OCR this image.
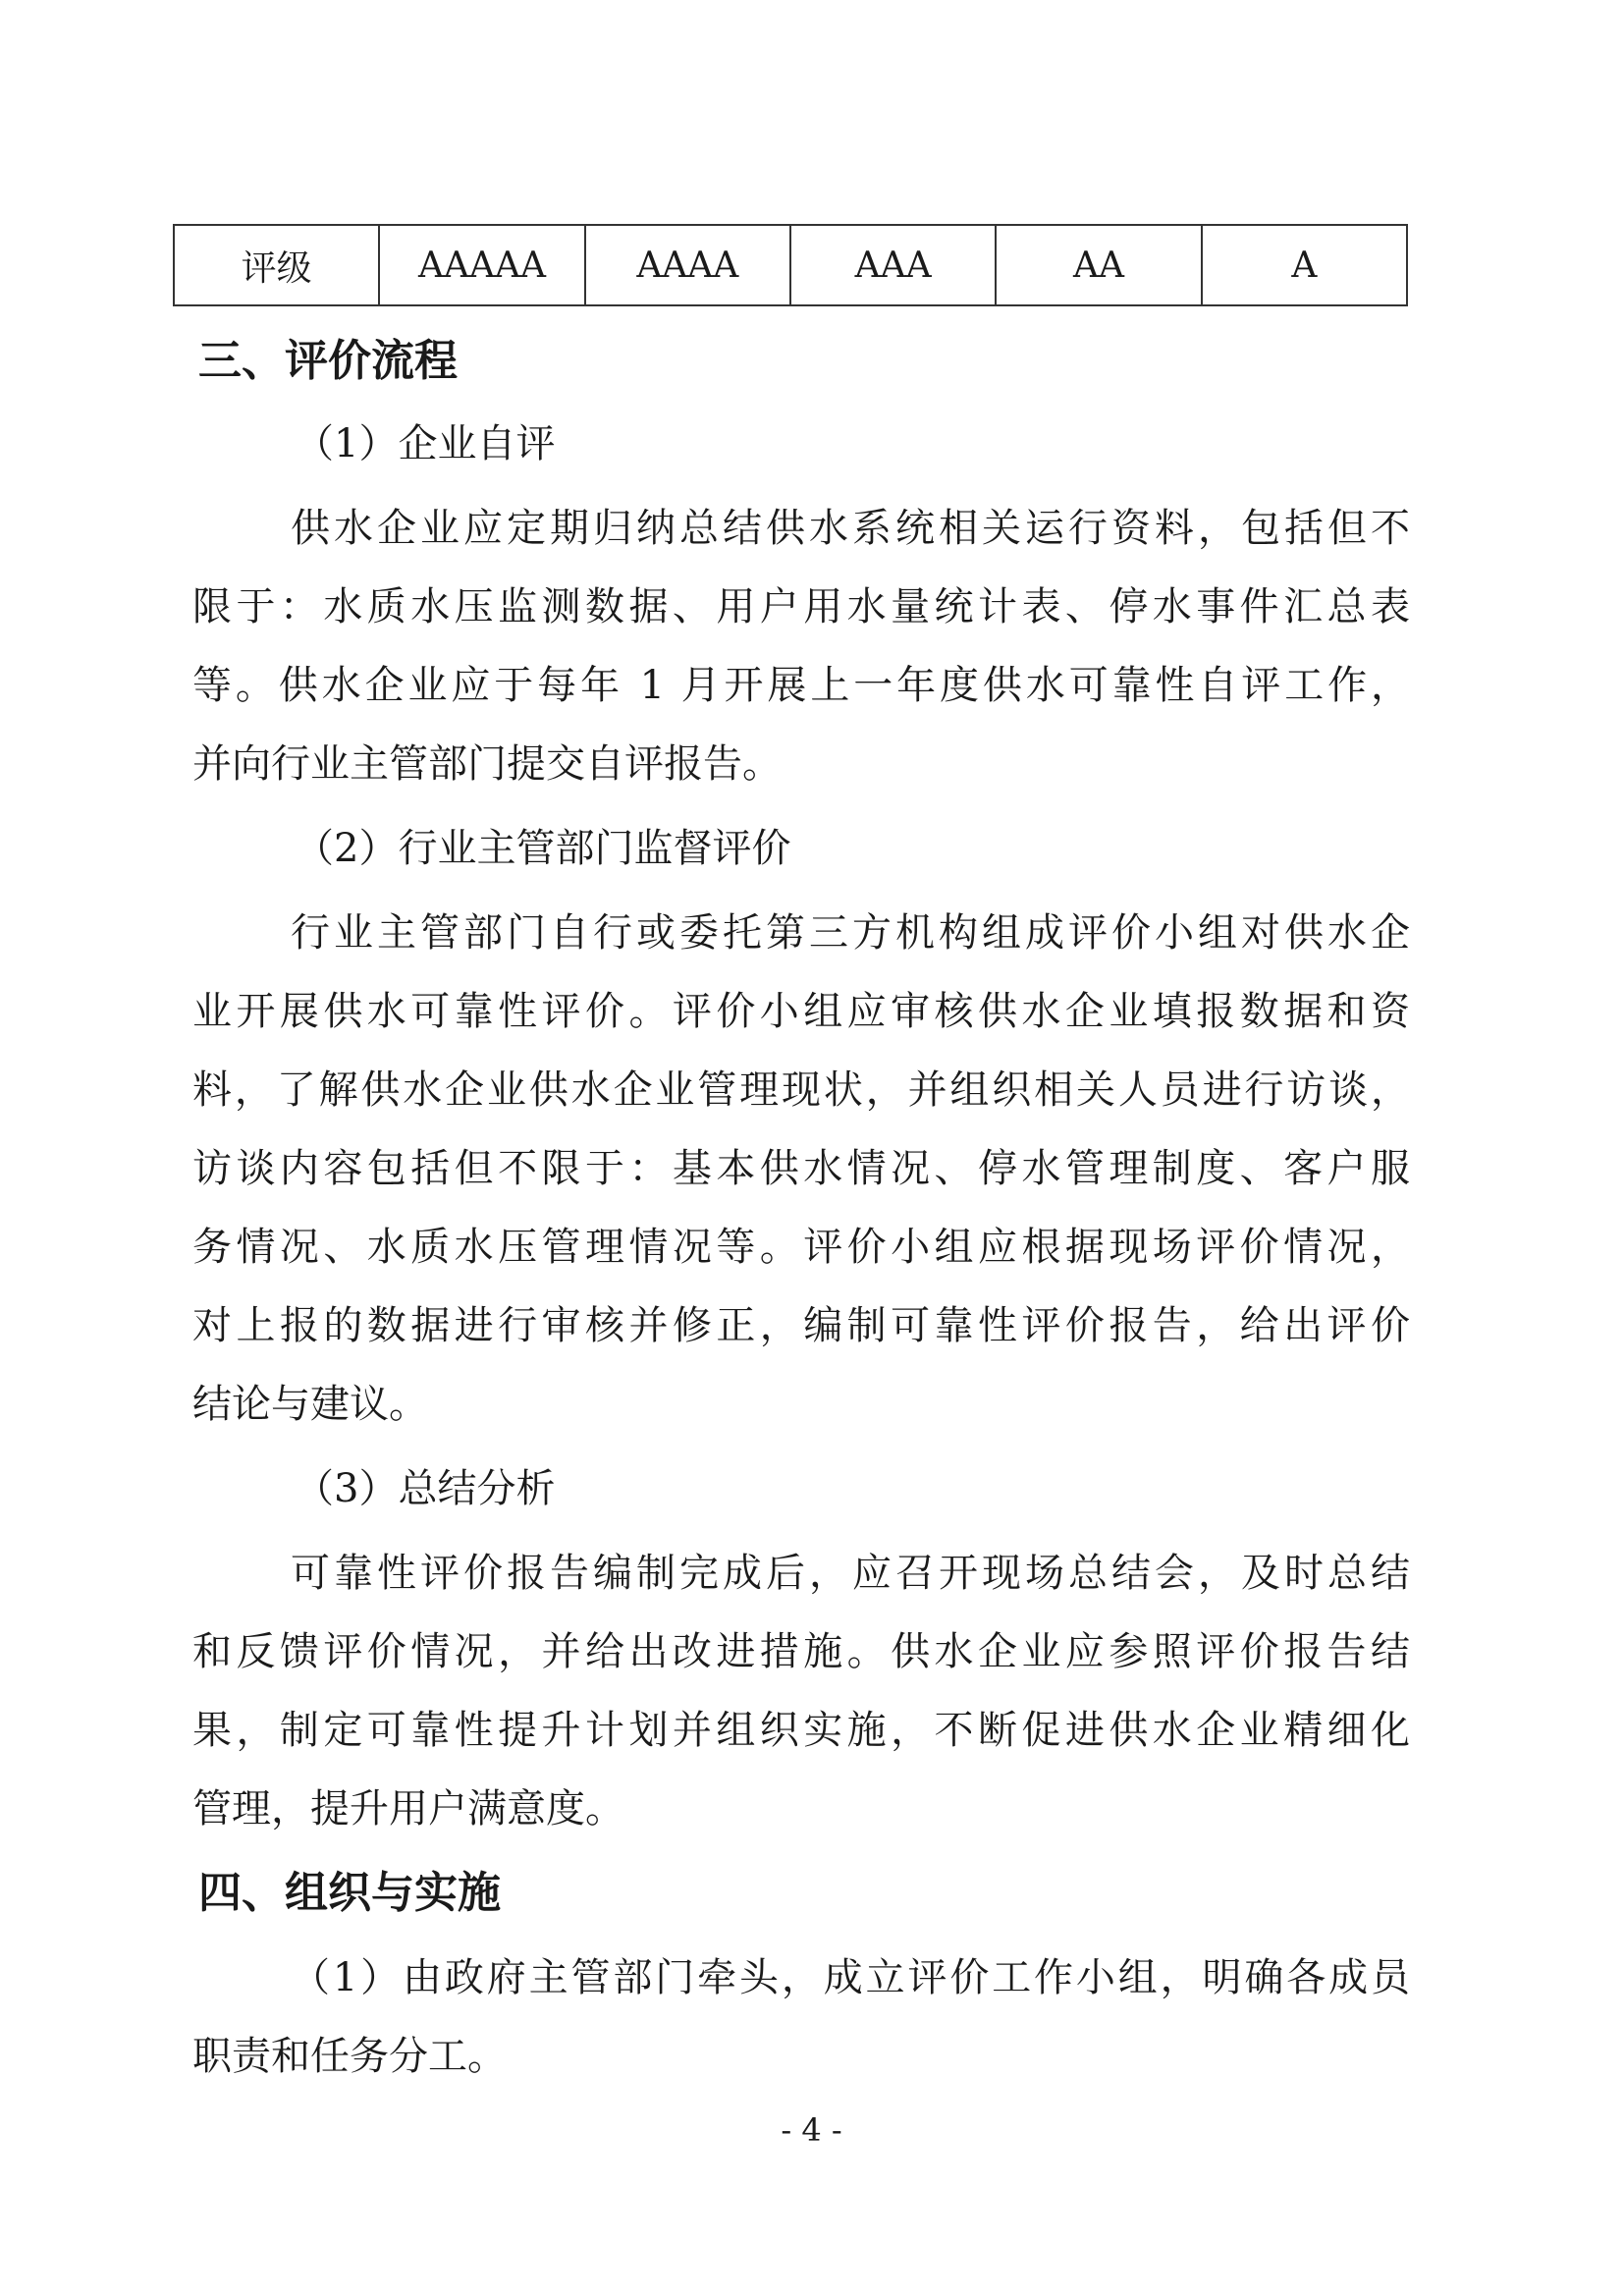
评级	AAAAA	AAAA	AAA	AA	A
三、评价流程
（1）企业自评
供水企业应定期归纳总结供水系统相关运行资料，包括但不
限于：水质水压监测数据、用户用水量统计表、停水事件汇总表
等。供水企业应于每年 1 月开展上一年度供水可靠性自评工作，
并向行业主管部门提交自评报告。
（2）行业主管部门监督评价
行业主管部门自行或委托第三方机构组成评价小组对供水企
业开展供水可靠性评价。评价小组应审核供水企业填报数据和资
料，了解供水企业供水企业管理现状，并组织相关人员进行访谈，
访谈内容包括但不限于：基本供水情况、停水管理制度、客户服
务情况、水质水压管理情况等。评价小组应根据现场评价情况，
对上报的数据进行审核并修正，编制可靠性评价报告，给出评价
结论与建议。
（3）总结分析
可靠性评价报告编制完成后，应召开现场总结会，及时总结
和反馈评价情况，并给出改进措施。供水企业应参照评价报告结
果，制定可靠性提升计划并组织实施，不断促进供水企业精细化
管理，提升用户满意度。
四、组织与实施
（1）由政府主管部门牵头，成立评价工作小组，明确各成员
职责和任务分工。
- 4 -
